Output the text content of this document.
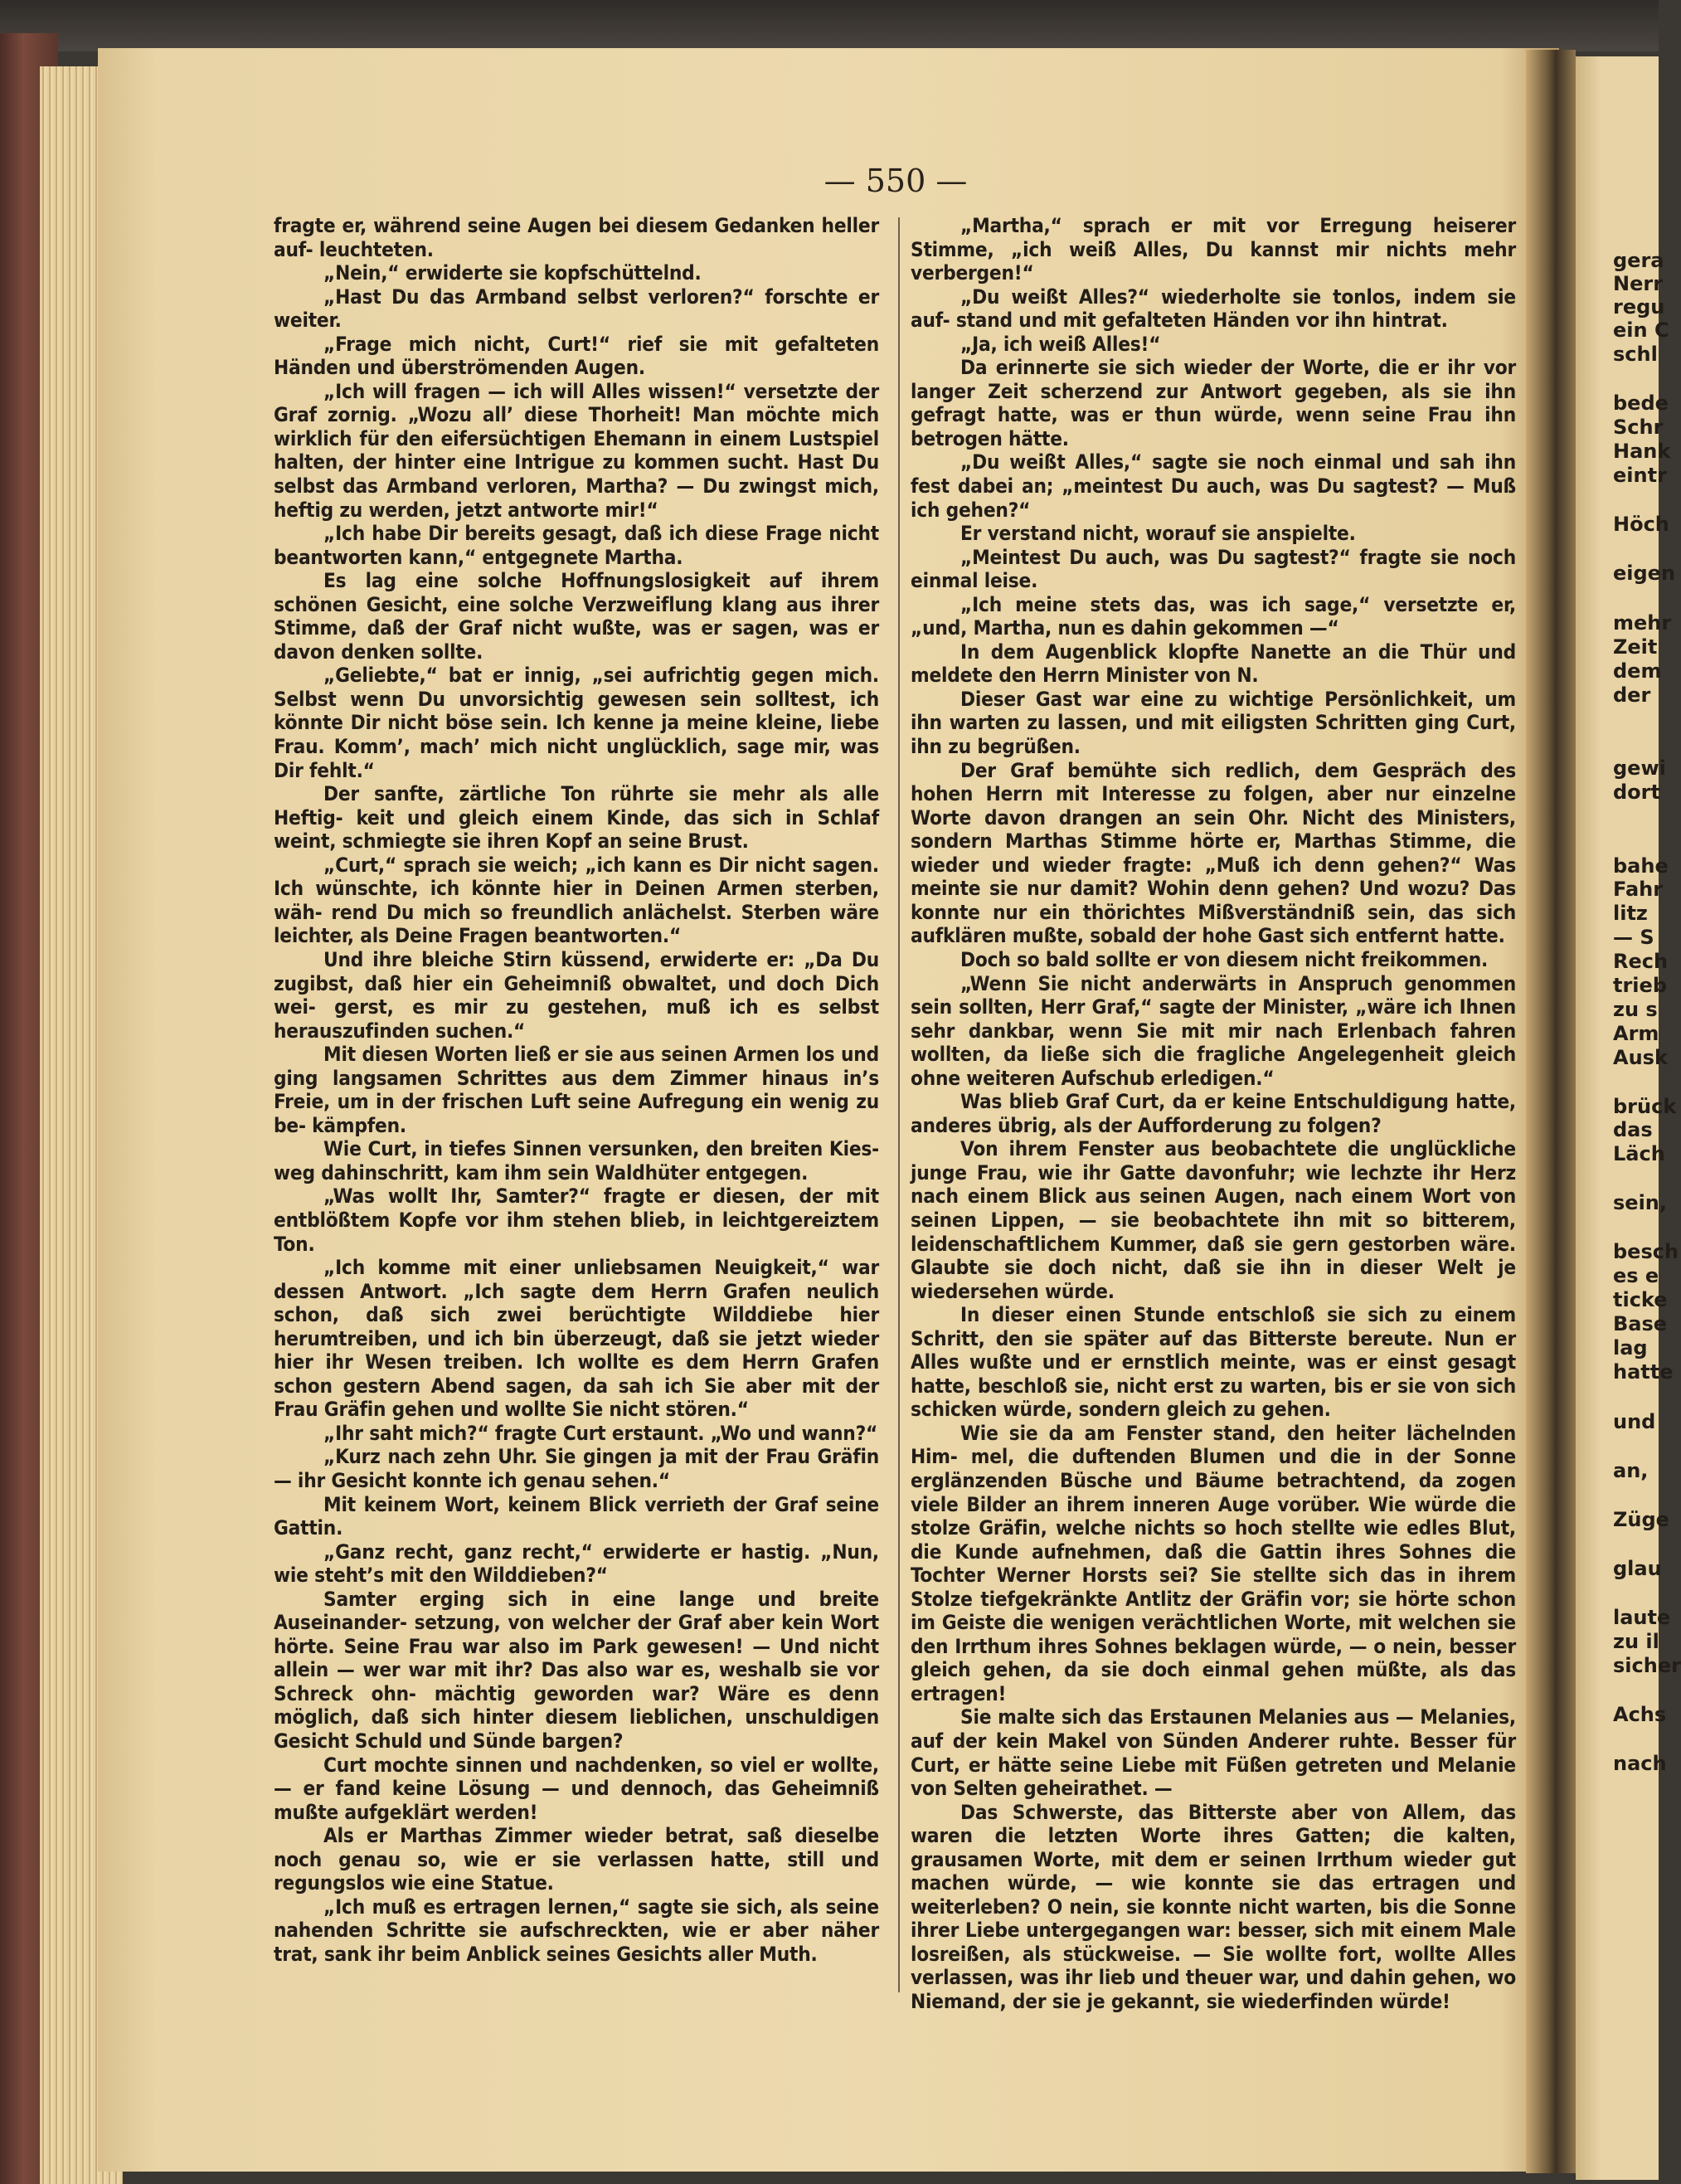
— 550 —

fragte er, während seine Augen bei diesem Gedanken heller auf- leuchteten.

„Nein,“ erwiderte sie kopfschüttelnd.

„Hast Du das Armband selbst verloren?“ forschte er weiter.

„Frage mich nicht, Curt!“ rief sie mit gefalteten Händen und überströmenden Augen.

„Ich will fragen — ich will Alles wissen!“ versetzte der Graf zornig. „Wozu all’ diese Thorheit! Man möchte mich wirklich für den eifersüchtigen Ehemann in einem Lustspiel halten, der hinter eine Intrigue zu kommen sucht. Hast Du selbst das Armband verloren, Martha? — Du zwingst mich, heftig zu werden, jetzt antworte mir!“

„Ich habe Dir bereits gesagt, daß ich diese Frage nicht beantworten kann,“ entgegnete Martha.

Es lag eine solche Hoffnungslosigkeit auf ihrem schönen Gesicht, eine solche Verzweiflung klang aus ihrer Stimme, daß der Graf nicht wußte, was er sagen, was er davon denken sollte.

„Geliebte,“ bat er innig, „sei aufrichtig gegen mich. Selbst wenn Du unvorsichtig gewesen sein solltest, ich könnte Dir nicht böse sein. Ich kenne ja meine kleine, liebe Frau. Komm’, mach’ mich nicht unglücklich, sage mir, was Dir fehlt.“

Der sanfte, zärtliche Ton rührte sie mehr als alle Heftig- keit und gleich einem Kinde, das sich in Schlaf weint, schmiegte sie ihren Kopf an seine Brust.

„Curt,“ sprach sie weich; „ich kann es Dir nicht sagen. Ich wünschte, ich könnte hier in Deinen Armen sterben, wäh- rend Du mich so freundlich anlächelst. Sterben wäre leichter, als Deine Fragen beantworten.“

Und ihre bleiche Stirn küssend, erwiderte er: „Da Du zugibst, daß hier ein Geheimniß obwaltet, und doch Dich wei- gerst, es mir zu gestehen, muß ich es selbst herauszufinden suchen.“

Mit diesen Worten ließ er sie aus seinen Armen los und ging langsamen Schrittes aus dem Zimmer hinaus in’s Freie, um in der frischen Luft seine Aufregung ein wenig zu be- kämpfen.

Wie Curt, in tiefes Sinnen versunken, den breiten Kies- weg dahinschritt, kam ihm sein Waldhüter entgegen.

„Was wollt Ihr, Samter?“ fragte er diesen, der mit entblößtem Kopfe vor ihm stehen blieb, in leichtgereiztem Ton.

„Ich komme mit einer unliebsamen Neuigkeit,“ war dessen Antwort. „Ich sagte dem Herrn Grafen neulich schon, daß sich zwei berüchtigte Wilddiebe hier herumtreiben, und ich bin überzeugt, daß sie jetzt wieder hier ihr Wesen treiben. Ich wollte es dem Herrn Grafen schon gestern Abend sagen, da sah ich Sie aber mit der Frau Gräfin gehen und wollte Sie nicht stören.“

„Ihr saht mich?“ fragte Curt erstaunt. „Wo und wann?“

„Kurz nach zehn Uhr. Sie gingen ja mit der Frau Gräfin — ihr Gesicht konnte ich genau sehen.“

Mit keinem Wort, keinem Blick verrieth der Graf seine Gattin.

„Ganz recht, ganz recht,“ erwiderte er hastig. „Nun, wie steht’s mit den Wilddieben?“

Samter erging sich in eine lange und breite Auseinander- setzung, von welcher der Graf aber kein Wort hörte. Seine Frau war also im Park gewesen! — Und nicht allein — wer war mit ihr? Das also war es, weshalb sie vor Schreck ohn- mächtig geworden war? Wäre es denn möglich, daß sich hinter diesem lieblichen, unschuldigen Gesicht Schuld und Sünde bargen?

Curt mochte sinnen und nachdenken, so viel er wollte, — er fand keine Lösung — und dennoch, das Geheimniß mußte aufgeklärt werden!

Als er Marthas Zimmer wieder betrat, saß dieselbe noch genau so, wie er sie verlassen hatte, still und regungslos wie eine Statue.

„Ich muß es ertragen lernen,“ sagte sie sich, als seine nahenden Schritte sie aufschreckten, wie er aber näher trat, sank ihr beim Anblick seines Gesichts aller Muth.

„Martha,“ sprach er mit vor Erregung heiserer Stimme, „ich weiß Alles, Du kannst mir nichts mehr verbergen!“

„Du weißt Alles?“ wiederholte sie tonlos, indem sie auf- stand und mit gefalteten Händen vor ihn hintrat.

„Ja, ich weiß Alles!“

Da erinnerte sie sich wieder der Worte, die er ihr vor langer Zeit scherzend zur Antwort gegeben, als sie ihn gefragt hatte, was er thun würde, wenn seine Frau ihn betrogen hätte.

„Du weißt Alles,“ sagte sie noch einmal und sah ihn fest dabei an; „meintest Du auch, was Du sagtest? — Muß ich gehen?“

Er verstand nicht, worauf sie anspielte.

„Meintest Du auch, was Du sagtest?“ fragte sie noch einmal leise.

„Ich meine stets das, was ich sage,“ versetzte er, „und, Martha, nun es dahin gekommen —“

In dem Augenblick klopfte Nanette an die Thür und meldete den Herrn Minister von N.

Dieser Gast war eine zu wichtige Persönlichkeit, um ihn warten zu lassen, und mit eiligsten Schritten ging Curt, ihn zu begrüßen.

Der Graf bemühte sich redlich, dem Gespräch des hohen Herrn mit Interesse zu folgen, aber nur einzelne Worte davon drangen an sein Ohr. Nicht des Ministers, sondern Marthas Stimme hörte er, Marthas Stimme, die wieder und wieder fragte: „Muß ich denn gehen?“ Was meinte sie nur damit? Wohin denn gehen? Und wozu? Das konnte nur ein thörichtes Mißverständniß sein, das sich aufklären mußte, sobald der hohe Gast sich entfernt hatte.

Doch so bald sollte er von diesem nicht freikommen.

„Wenn Sie nicht anderwärts in Anspruch genommen sein sollten, Herr Graf,“ sagte der Minister, „wäre ich Ihnen sehr dankbar, wenn Sie mit mir nach Erlenbach fahren wollten, da ließe sich die fragliche Angelegenheit gleich ohne weiteren Aufschub erledigen.“

Was blieb Graf Curt, da er keine Entschuldigung hatte, anderes übrig, als der Aufforderung zu folgen?

Von ihrem Fenster aus beobachtete die unglückliche junge Frau, wie ihr Gatte davonfuhr; wie lechzte ihr Herz nach einem Blick aus seinen Augen, nach einem Wort von seinen Lippen, — sie beobachtete ihn mit so bitterem, leidenschaftlichem Kummer, daß sie gern gestorben wäre. Glaubte sie doch nicht, daß sie ihn in dieser Welt je wiedersehen würde.

In dieser einen Stunde entschloß sie sich zu einem Schritt, den sie später auf das Bitterste bereute. Nun er Alles wußte und er ernstlich meinte, was er einst gesagt hatte, beschloß sie, nicht erst zu warten, bis er sie von sich schicken würde, sondern gleich zu gehen.

Wie sie da am Fenster stand, den heiter lächelnden Him- mel, die duftenden Blumen und die in der Sonne erglänzenden Büsche und Bäume betrachtend, da zogen viele Bilder an ihrem inneren Auge vorüber. Wie würde die stolze Gräfin, welche nichts so hoch stellte wie edles Blut, die Kunde aufnehmen, daß die Gattin ihres Sohnes die Tochter Werner Horsts sei? Sie stellte sich das in ihrem Stolze tiefgekränkte Antlitz der Gräfin vor; sie hörte schon im Geiste die wenigen verächtlichen Worte, mit welchen sie den Irrthum ihres Sohnes beklagen würde, — o nein, besser gleich gehen, da sie doch einmal gehen müßte, als das ertragen!

Sie malte sich das Erstaunen Melanies aus — Melanies, auf der kein Makel von Sünden Anderer ruhte. Besser für Curt, er hätte seine Liebe mit Füßen getreten und Melanie von Selten geheirathet. —

Das Schwerste, das Bitterste aber von Allem, das waren die letzten Worte ihres Gatten; die kalten, grausamen Worte, mit dem er seinen Irrthum wieder gut machen würde, — wie konnte sie das ertragen und weiterleben? O nein, sie konnte nicht warten, bis die Sonne ihrer Liebe untergegangen war: besser, sich mit einem Male losreißen, als stückweise. — Sie wollte fort, wollte Alles verlassen, was ihr lieb und theuer war, und dahin gehen, wo Niemand, der sie je gekannt, sie wiederfinden würde!

gera
Nerr
regu
ein C
schl
bede
Schr
Hank
eintr
Höch
eigen
mehr
Zeit
dem
der
gewi
dort
bahe
Fahr
litz
— S
Rech
trieb
zu s
Arm
Ausk
brück
das
Läch
sein,
besch
es e
ticke
Base
lag
hatte
und
an,
Züge
glau
laute
zu il
sicher
Achs
nach
